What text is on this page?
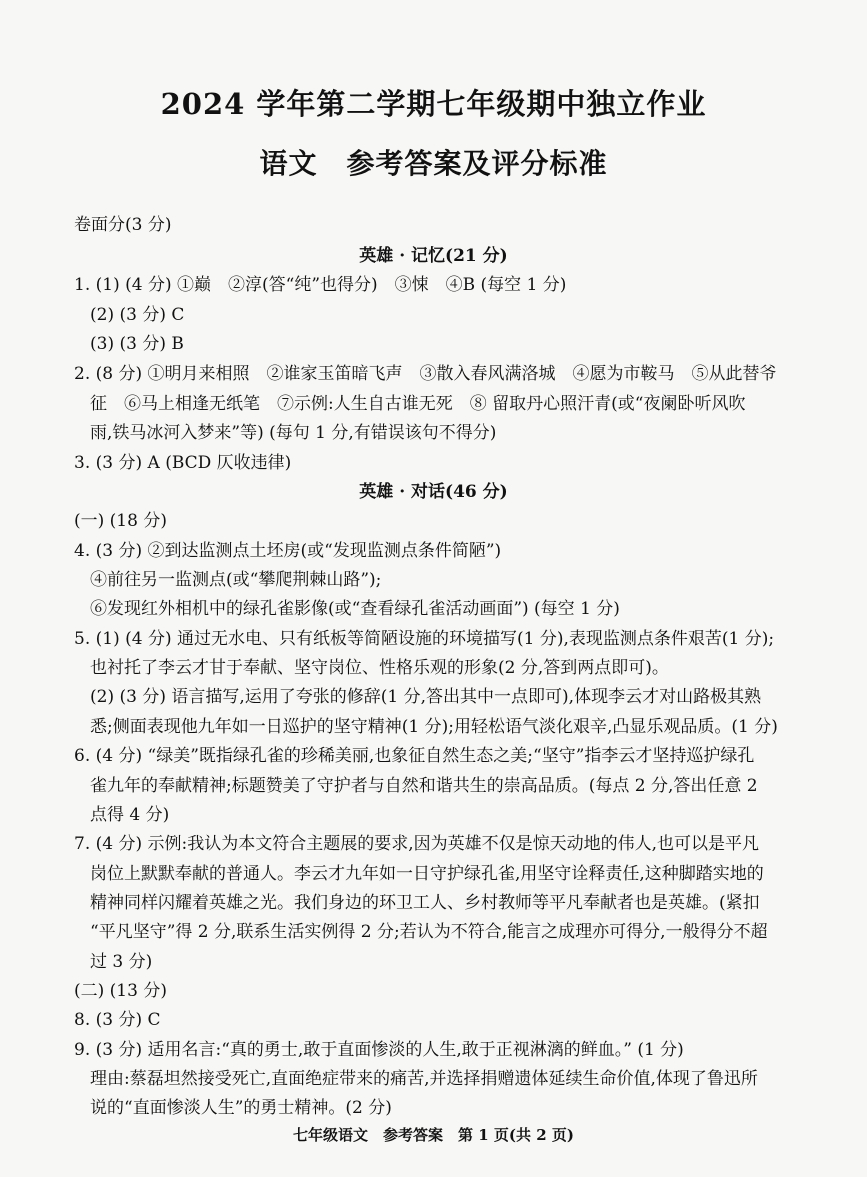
2024 学年第二学期七年级期中独立作业
语文　参考答案及评分标准
卷面分(3 分)
英雄 · 记忆(21 分)
1. (1) (4 分) ①巅　②淳(答“纯”也得分)　③悚　④B (每空 1 分)
(2) (3 分) C
(3) (3 分) B
2. (8 分) ①明月来相照　②谁家玉笛暗飞声　③散入春风满洛城　④愿为市鞍马　⑤从此替爷
征　⑥马上相逢无纸笔　⑦示例:人生自古谁无死　⑧ 留取丹心照汗青(或“夜阑卧听风吹
雨,铁马冰河入梦来”等) (每句 1 分,有错误该句不得分)
3. (3 分) A (BCD 仄收违律)
英雄 · 对话(46 分)
(一) (18 分)
4. (3 分) ②到达监测点土坯房(或“发现监测点条件简陋”)
④前往另一监测点(或“攀爬荆棘山路”);
⑥发现红外相机中的绿孔雀影像(或“查看绿孔雀活动画面”) (每空 1 分)
5. (1) (4 分) 通过无水电、只有纸板等简陋设施的环境描写(1 分),表现监测点条件艰苦(1 分);
也衬托了李云才甘于奉献、坚守岗位、性格乐观的形象(2 分,答到两点即可)。
(2) (3 分) 语言描写,运用了夸张的修辞(1 分,答出其中一点即可),体现李云才对山路极其熟
悉;侧面表现他九年如一日巡护的坚守精神(1 分);用轻松语气淡化艰辛,凸显乐观品质。(1 分)
6. (4 分) “绿美”既指绿孔雀的珍稀美丽,也象征自然生态之美;“坚守”指李云才坚持巡护绿孔
雀九年的奉献精神;标题赞美了守护者与自然和谐共生的崇高品质。(每点 2 分,答出任意 2
点得 4 分)
7. (4 分) 示例:我认为本文符合主题展的要求,因为英雄不仅是惊天动地的伟人,也可以是平凡
岗位上默默奉献的普通人。李云才九年如一日守护绿孔雀,用坚守诠释责任,这种脚踏实地的
精神同样闪耀着英雄之光。我们身边的环卫工人、乡村教师等平凡奉献者也是英雄。(紧扣
“平凡坚守”得 2 分,联系生活实例得 2 分;若认为不符合,能言之成理亦可得分,一般得分不超
过 3 分)
(二) (13 分)
8. (3 分) C
9. (3 分) 适用名言:“真的勇士,敢于直面惨淡的人生,敢于正视淋漓的鲜血。” (1 分)
理由:蔡磊坦然接受死亡,直面绝症带来的痛苦,并选择捐赠遗体延续生命价值,体现了鲁迅所
说的“直面惨淡人生”的勇士精神。(2 分)
七年级语文　参考答案　第 1 页(共 2 页)
